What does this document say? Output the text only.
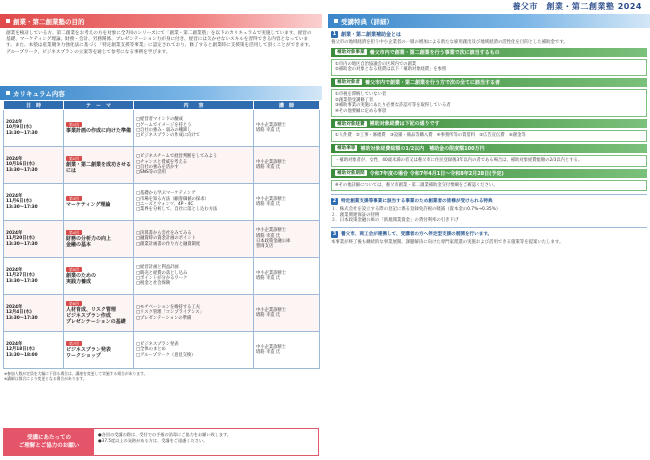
養父市　創業・第二創業塾 2024
創業・第二創業塾の目的
創業を検討している方、第二創業をお考えの方を対象に全7回のシリーズにて「創業・第二創業塾」を以下のカリキュラムで実施しています。経営の基礎、マーケティング理論、財務・会計、労務関係、プレゼンテーション力が身に付き、経営には欠かせないスキルを習得できる内容となっています。また、本塾は産業競争力強化法に基づく「特定創業支援等事業」に認定されており、修了すると創業時に支援策を活用して頂くことができます。グループワーク、ビジネスプランの立案等を通じて参考になる事例を学びます。
カリキュラム内容
日　時	テ　ー　マ	内　　容	講　師
2024年
10月9日(水)
13:30〜17:30	第1回
事業計画の作成に向けた準備	□経営者マインドの醸成
□ゲームでイメージを持とう
□自社の強み・弱みの棚卸し
□ビジネスプランの作成に向けて	中小企業診断士
塔筋 幸造 氏
2024年
10月16日(水)
13:30〜17:30	第2回
創業・第二創業を成功させるには	□ビジネスチームで経営判断をしてみよう
□チャンスと脅威を考える
□自社の強みを活かす
□SNS等の活用	中小企業診断士
塔筋 幸造 氏
2024年
11月6日(水)
13:30〜17:30	第3回
マーケティング理論	□基礎から学ぶマーケティング
□市場を知る方法（顧客価値の探求）
□ニーズとウォンツ、4P・4C
□業界を分析して、自社に落とし込む方法	中小企業診断士
塔筋 幸造 氏
2024年
11月20日(水)
13:30〜17:30	第4回
財務の分析力の向上
金融の基本	□決算書から会社をみてみる
□融資時の資金計画のポイント
□創業計画書の作り方と融資制度	中小企業診断士
塔筋 幸造 氏
日本政策金融公庫
豊岡支店
2024年
11月27日(水)
13:30〜17:30	第5回
創業のための
実践力養成	□経営計画と利益計画
□販売と経費の落とし込み
□ポイントが分かるワーク
□税金と社会保険	中小企業診断士
塔筋 幸造 氏
2024年
12月4日(水)
13:30〜17:30	第6回
人材育成、リスク管理
ビジネスプラン作成
プレゼンテーションの基礎	□モチベーションを維持する工夫
□リスク管理「コンプライアンス」
□プレゼンテーションの準備	中小企業診断士
塔筋 幸造 氏
2024年
12月18日(水)
13:30〜18:00	第7回
ビジネスプラン発表
ワークショップ	□ビジネスプラン発表
□全体のまとめ
□グループワーク（意見交換）	中小企業診断士
塔筋 幸造 氏
※参加人数が定員を大幅に下回る場合は、講座を変更して実施する場合があります。
※講師は都合により変更となる場合があります。
受講にあたっての
ご理解とご協力のお願い
●各回の受講の際は、受付での手指の消毒にご協力をお願い致します。
●37.5度以上の発熱がある方は、受講をご遠慮ください。
受講特典（詳細）
1 創業・第二創業補助金とは
養父市の地域経済を担う中小企業者の一層の増加による新たな雇用創出及び地域経済の活性化を目的とした補助金です。
補助対象事業	養父市内で創業・第二創業を行う事業で次に該当するもの
①市内の地区自治協議会の区域内での創業
②補助金の対象となる経費は以下「補助対象経費」を参照
補助対象者	養父市内で創業・第二創業を行う方で次の全てに該当する者
①市税を滞納していない者
②創業塾受講修了者
③補助事業の実施にあたり必要な許認可等を取得している者
④その他要綱に定める事項
補助対象経費	補助対象経費は下記の通りです
①人件費　②工事・修繕費　③設備・備品等購入費　④事務所等の賃借料　⑤広告宣伝費　⑥謝金等
補助率等	補助対象経費総額の1/2以内　補助金の限度額100万円
・補助対象者が、女性、40歳未満の者又は養父市に住民登録後3年以内の者である場合は、補助対象経費総額の2/3以内とする。
補助対象期間	令和7年度の場合 令和7年4月1日～令和8年2月28日(予定)
※その他詳細については、養父市創業・第二創業補助金交付要綱をご確認ください。
2	特定創業支援等事業に該当する事業のため創業者の皆様が受けられる特典
１．株式会社を設立する際の登記に係る登録免許税の軽減（資本金の0.7%→0.35%）
２．創業関連保証の特例
３．日本政策金融公庫の「新規開業資金」の貸付利率の引き下げ
3	養父市、商工会が連携して、受講者の方へ伴走型支援の展開を行います。
本事業が終了後も継続的な事業展開、課題解決に向けた専門家派遣の実施および活用できる施策等を提案いたします。
